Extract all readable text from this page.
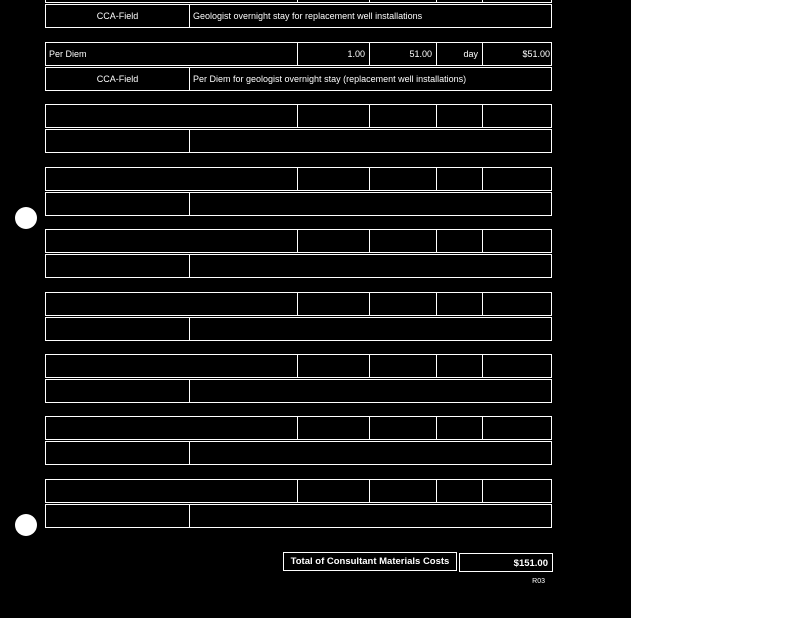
CCA-Field	Geologist overnight stay for replacement well installations
Per Diem	1.00	51.00	day	$51.00
CCA-Field	Per Diem for geologist overnight stay (replacement well installations)
Total of Consultant Materials Costs	$151.00
R03
